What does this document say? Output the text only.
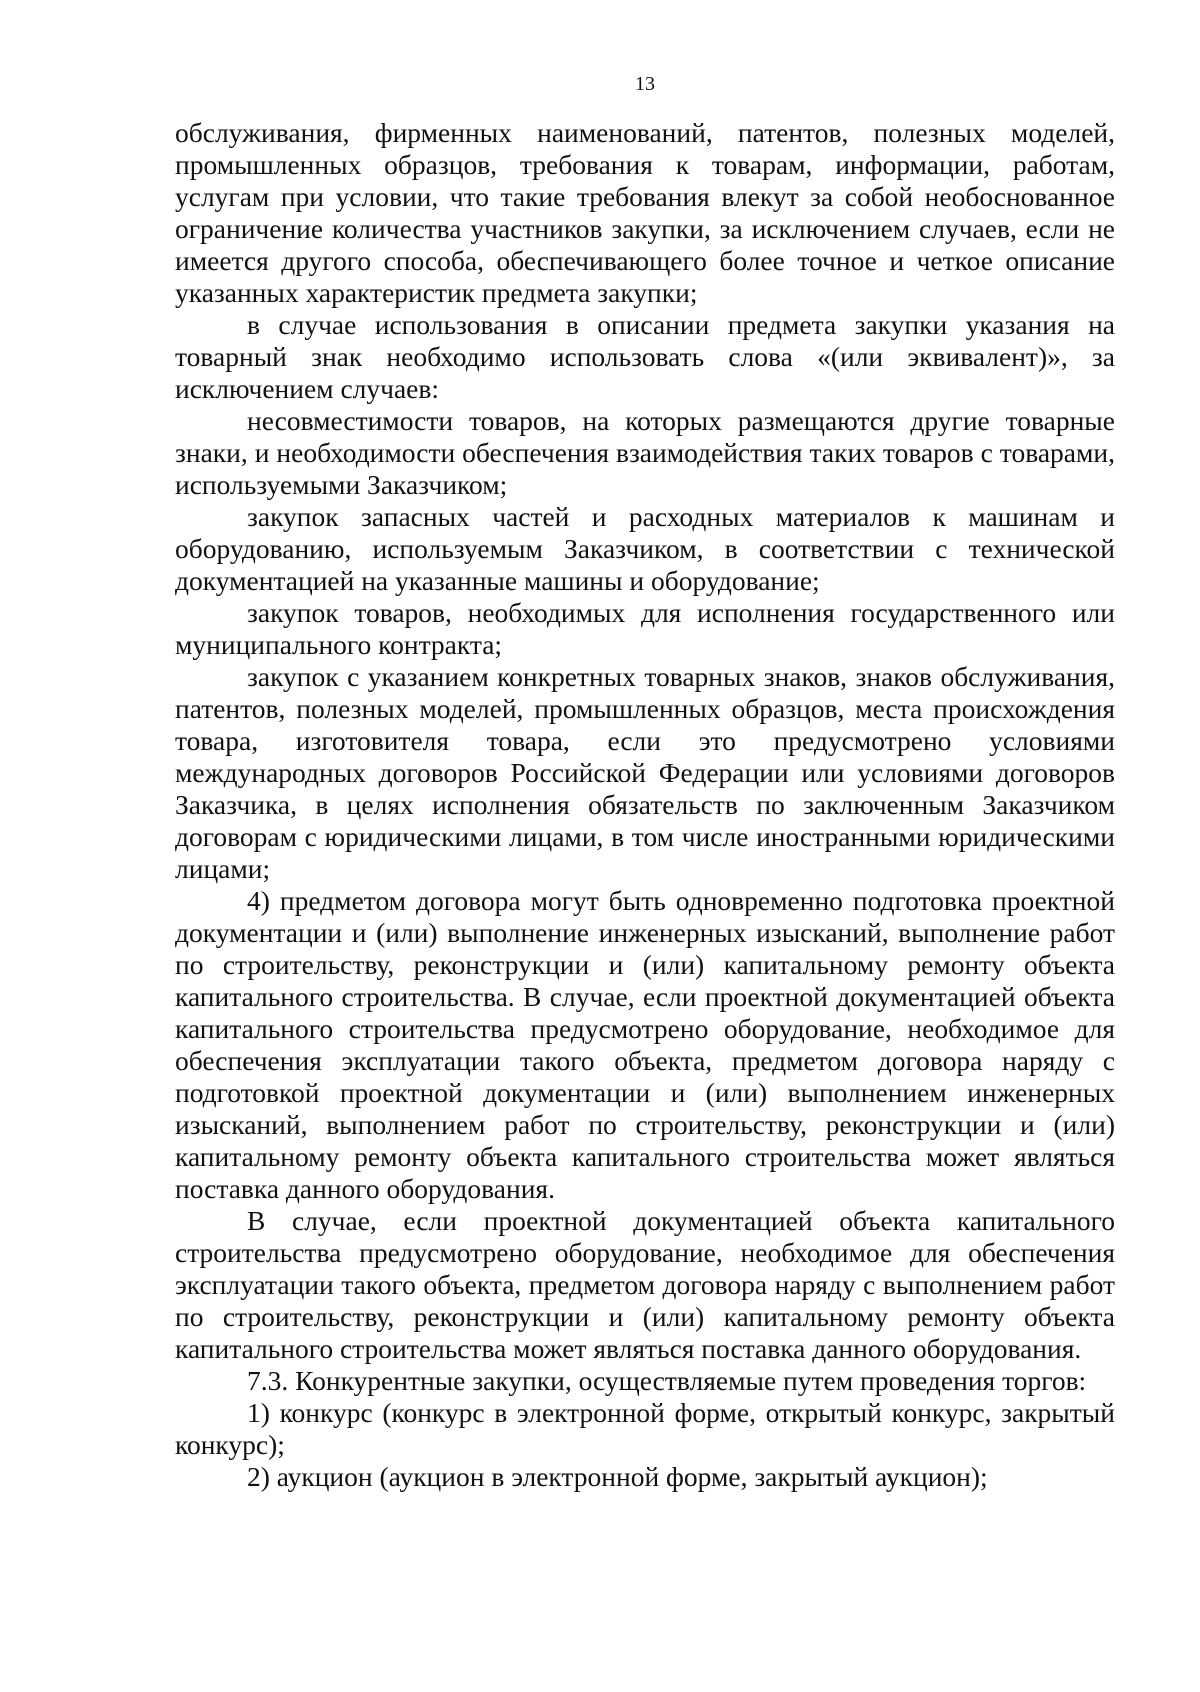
13

обслуживания, фирменных наименований, патентов, полезных моделей, промышленных образцов, требования к товарам, информации, работам, услугам при условии, что такие требования влекут за собой необоснованное ограничение количества участников закупки, за исключением случаев, если не имеется другого способа, обеспечивающего более точное и четкое описание указанных характеристик предмета закупки;

в случае использования в описании предмета закупки указания на товарный знак необходимо использовать слова «(или эквивалент)», за исключением случаев:

несовместимости товаров, на которых размещаются другие товарные знаки, и необходимости обеспечения взаимодействия таких товаров с товарами, используемыми Заказчиком;

закупок запасных частей и расходных материалов к машинам и оборудованию, используемым Заказчиком, в соответствии с технической документацией на указанные машины и оборудование;

закупок товаров, необходимых для исполнения государственного или муниципального контракта;

закупок с указанием конкретных товарных знаков, знаков обслуживания, патентов, полезных моделей, промышленных образцов, места происхождения товара, изготовителя товара, если это предусмотрено условиями международных договоров Российской Федерации или условиями договоров Заказчика, в целях исполнения обязательств по заключенным Заказчиком договорам с юридическими лицами, в том числе иностранными юридическими лицами;

4) предметом договора могут быть одновременно подготовка проектной документации и (или) выполнение инженерных изысканий, выполнение работ по строительству, реконструкции и (или) капитальному ремонту объекта капитального строительства. В случае, если проектной документацией объекта капитального строительства предусмотрено оборудование, необходимое для обеспечения эксплуатации такого объекта, предметом договора наряду с подготовкой проектной документации и (или) выполнением инженерных изысканий, выполнением работ по строительству, реконструкции и (или) капитальному ремонту объекта капитального строительства может являться поставка данного оборудования.

В случае, если проектной документацией объекта капитального строительства предусмотрено оборудование, необходимое для обеспечения эксплуатации такого объекта, предметом договора наряду с выполнением работ по строительству, реконструкции и (или) капитальному ремонту объекта капитального строительства может являться поставка данного оборудования.

7.3. Конкурентные закупки, осуществляемые путем проведения торгов:

1) конкурс (конкурс в электронной форме, открытый конкурс, закрытый конкурс);

2) аукцион (аукцион в электронной форме, закрытый аукцион);
